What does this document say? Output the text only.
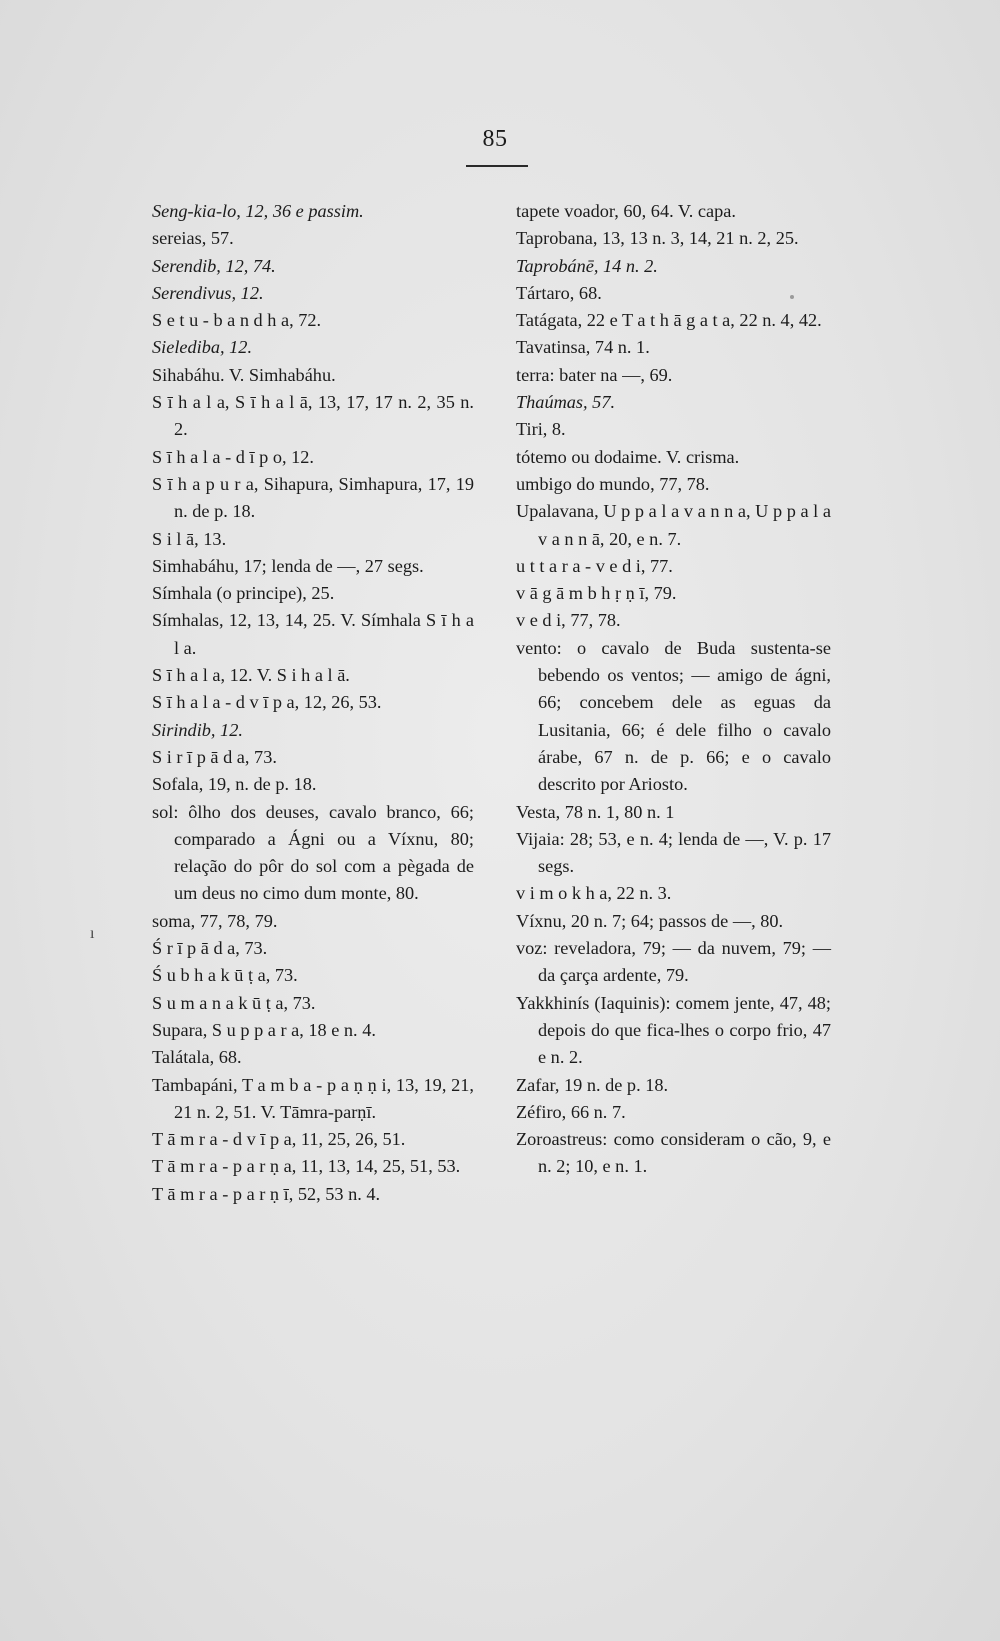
85
ı
Seng-kia-lo, 12, 36 e passim.
sereias, 57.
Serendib, 12, 74.
Serendivus, 12.
S e t u - b a n d h a, 72.
Sielediba, 12.
Sihabáhu. V. Simhabáhu.
S ī h a l a, S ī h a l ā, 13, 17, 17 n. 2, 35 n. 2.
S ī h a l a - d ī p o, 12.
S ī h a p u r a, Sihapura, Simhapura, 17, 19 n. de p. 18.
S i l ā, 13.
Simhabáhu, 17; lenda de —, 27 segs.
Símhala (o principe), 25.
Símhalas, 12, 13, 14, 25. V. Símhala S ī h a l a.
S ī h a l a, 12. V. S i h a l ā.
S ī h a l a - d v ī p a, 12, 26, 53.
Sirindib, 12.
S i r ī p ā d a, 73.
Sofala, 19, n. de p. 18.
sol: ôlho dos deuses, cavalo branco, 66; comparado a Ágni ou a Víxnu, 80; relação do pôr do sol com a pègada de um deus no cimo dum monte, 80.
soma, 77, 78, 79.
Ś r ī p ā d a, 73.
Ś u b h a k ū ṭ a, 73.
S u m a n a k ū ṭ a, 73.
Supara, S u p p a r a, 18 e n. 4.
Talátala, 68.
Tambapáni, T a m b a - p a ṇ ṇ i, 13, 19, 21, 21 n. 2, 51. V. Tāmra-parṇī.
T ā m r a - d v ī p a, 11, 25, 26, 51.
T ā m r a - p a r ṇ a, 11, 13, 14, 25, 51, 53.
T ā m r a - p a r ṇ ī, 52, 53 n. 4.
tapete voador, 60, 64. V. capa.
Taprobana, 13, 13 n. 3, 14, 21 n. 2, 25.
Taprobánē, 14 n. 2.
Tártaro, 68.
Tatágata, 22 e T a t h ā g a t a, 22 n. 4, 42.
Tavatinsa, 74 n. 1.
terra: bater na —, 69.
Thaúmas, 57.
Tiri, 8.
tótemo ou dodaime. V. crisma.
umbigo do mundo, 77, 78.
Upalavana, U p p a l a v a n n a, U p p a l a v a n n ā, 20, e n. 7.
u t t a r a - v e d i, 77.
v ā g ā m b h ṛ ṇ ī, 79.
v e d i, 77, 78.
vento: o cavalo de Buda sustenta-se bebendo os ventos; — amigo de ágni, 66; concebem dele as eguas da Lusitania, 66; é dele filho o cavalo árabe, 67 n. de p. 66; e o cavalo descrito por Ariosto.
Vesta, 78 n. 1, 80 n. 1
Vijaia: 28; 53, e n. 4; lenda de —, V. p. 17 segs.
v i m o k h a, 22 n. 3.
Víxnu, 20 n. 7; 64; passos de —, 80.
voz: reveladora, 79; — da nuvem, 79; — da çarça ardente, 79.
Yakkhinís (Iaquinis): comem jente, 47, 48; depois do que fica-lhes o corpo frio, 47 e n. 2.
Zafar, 19 n. de p. 18.
Zéfiro, 66 n. 7.
Zoroastreus: como consideram o cão, 9, e n. 2; 10, e n. 1.
